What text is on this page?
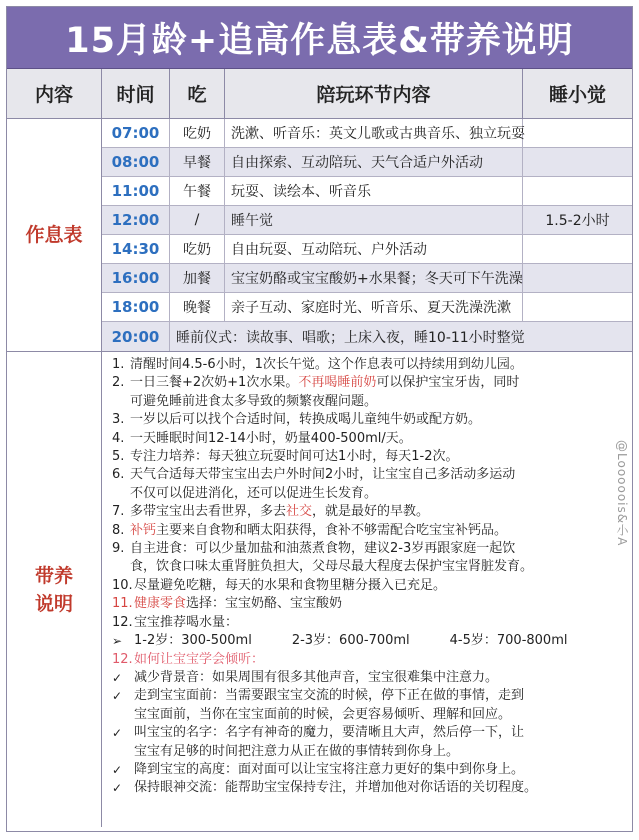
15月龄+追高作息表&带养说明
内容	时间	吃	陪玩环节内容	睡小觉
作息表
07:00	吃奶	洗漱、听音乐：英文儿歌或古典音乐、独立玩耍
08:00	早餐	自由探索、互动陪玩、天气合适户外活动
11:00	午餐	玩耍、读绘本、听音乐
12:00	/	睡午觉	1.5-2小时
14:30	吃奶	自由玩耍、互动陪玩、户外活动
16:00	加餐	宝宝奶酪或宝宝酸奶+水果餐；冬天可下午洗澡
18:00	晚餐	亲子互动、家庭时光、听音乐、夏天洗澡洗漱
20:00	睡前仪式：读故事、唱歌；上床入夜，睡10-11小时整觉
带养
说明
1. 清醒时间4.5-6小时，1次长午觉。这个作息表可以持续用到幼儿园。
2. 一日三餐+2次奶+1次水果。不再喝睡前奶可以保护宝宝牙齿，同时
可避免睡前进食太多导致的频繁夜醒问题。
3. 一岁以后可以找个合适时间，转换成喝儿童纯牛奶或配方奶。
4. 一天睡眠时间12-14小时，奶量400-500ml/天。
5. 专注力培养：每天独立玩耍时间可达1小时，每天1-2次。
6. 天气合适每天带宝宝出去户外时间2小时，让宝宝自己多活动多运动
不仅可以促进消化，还可以促进生长发育。
7. 多带宝宝出去看世界，多去社交，就是最好的早教。
8. 补钙主要来自食物和晒太阳获得，食补不够需配合吃宝宝补钙品。
9. 自主进食：可以少量加盐和油蒸煮食物，建议2-3岁再跟家庭一起饮
食，饮食口味太重肾脏负担大，父母尽最大程度去保护宝宝肾脏发育。
10. 尽量避免吃糖，每天的水果和食物里糖分摄入已充足。
11. 健康零食选择：宝宝奶酪、宝宝酸奶
12. 宝宝推荐喝水量：
➢ 1-2岁：300-500ml	2-3岁：600-700ml	4-5岁：700-800ml
12. 如何让宝宝学会倾听：
✓ 减少背景音：如果周围有很多其他声音，宝宝很难集中注意力。
✓ 走到宝宝面前：当需要跟宝宝交流的时候，停下正在做的事情，走到
宝宝面前，当你在宝宝面前的时候，会更容易倾听、理解和回应。
✓ 叫宝宝的名字：名字有神奇的魔力，要清晰且大声，然后停一下，让
宝宝有足够的时间把注意力从正在做的事情转到你身上。
✓ 降到宝宝的高度：面对面可以让宝宝将注意力更好的集中到你身上。
✓ 保持眼神交流：能帮助宝宝保持专注，并增加他对你话语的关切程度。
@Looooois&小A
